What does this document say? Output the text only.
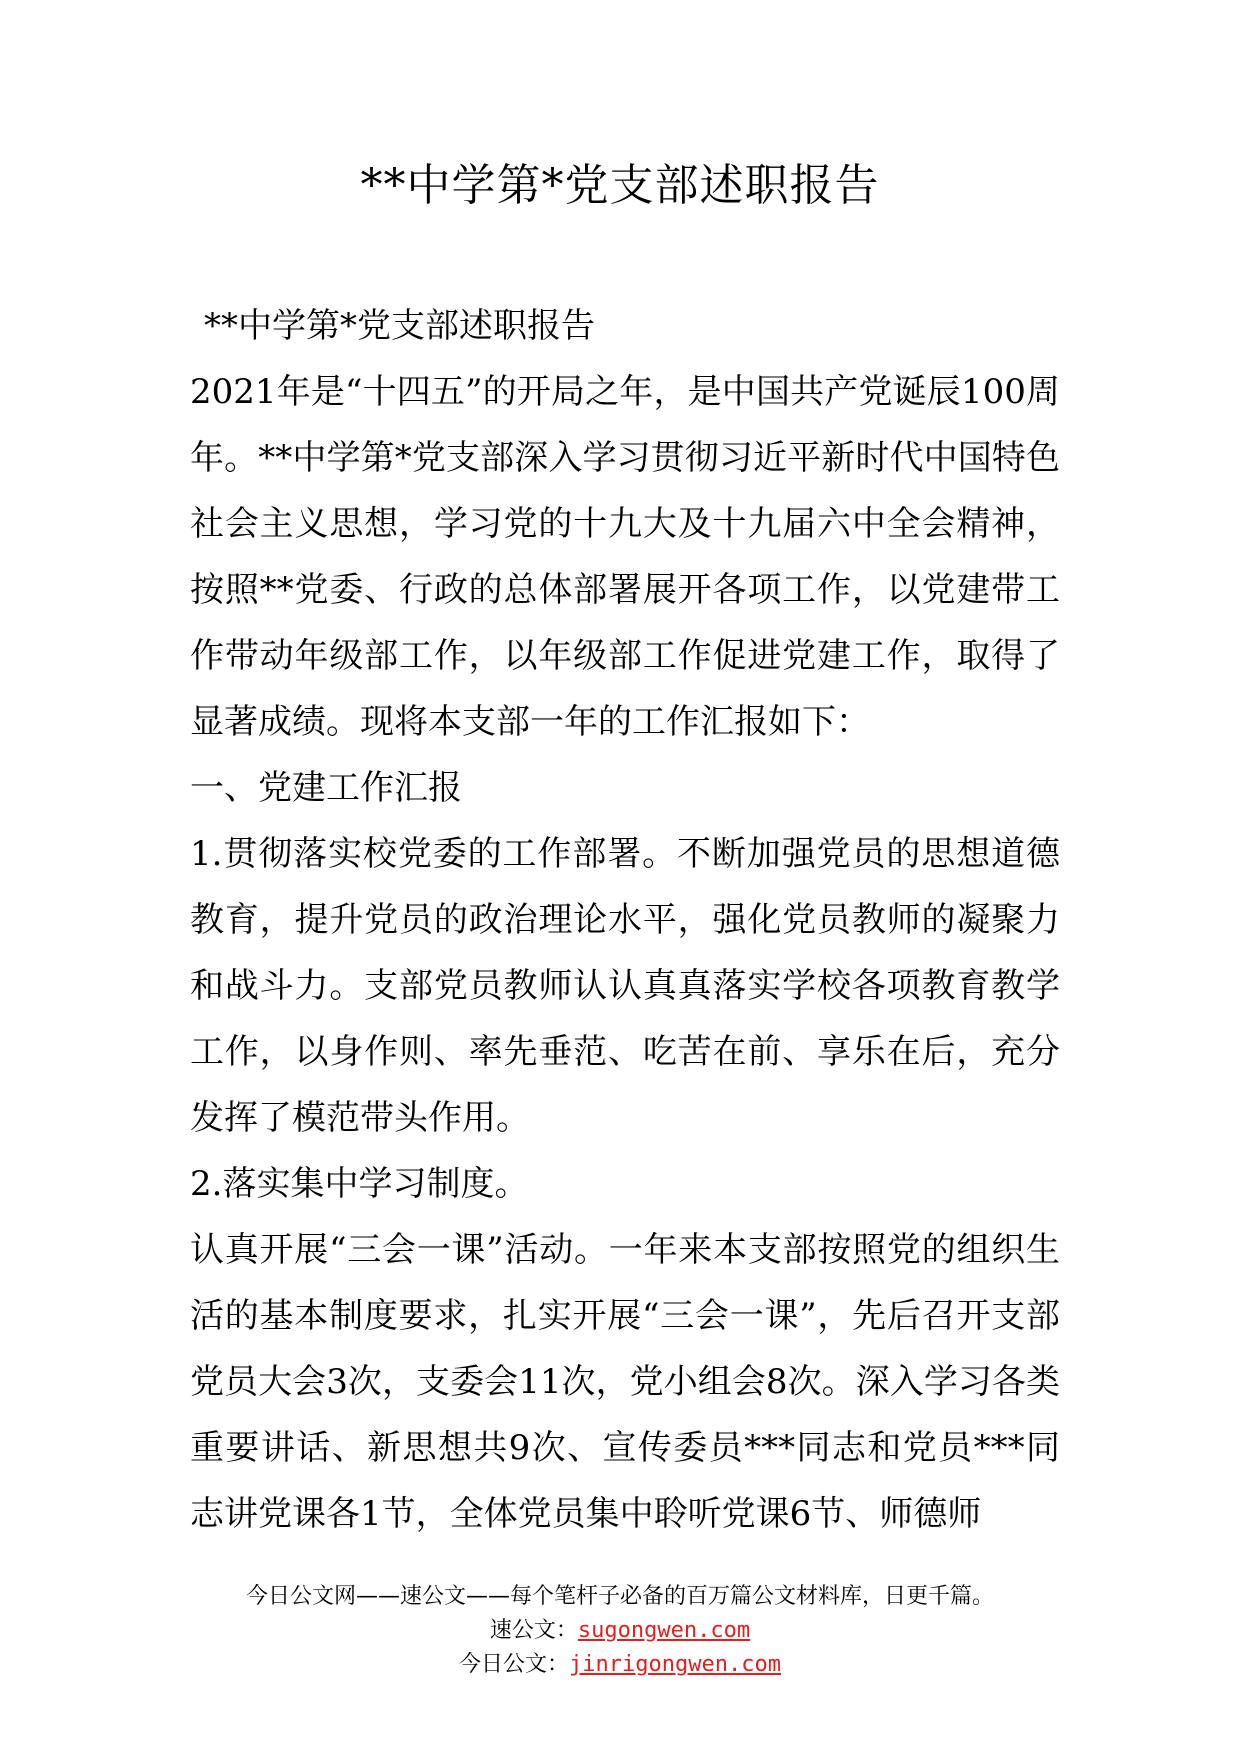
**中学第*党支部述职报告

**中学第*党支部述职报告

2021年是“十四五”的开局之年，是中国共产党诞辰100周年。**中学第*党支部深入学习贯彻习近平新时代中国特色社会主义思想，学习党的十九大及十九届六中全会精神，按照**党委、行政的总体部署展开各项工作，以党建带工作带动年级部工作，以年级部工作促进党建工作，取得了显著成绩。现将本支部一年的工作汇报如下：

一、党建工作汇报

1.贯彻落实校党委的工作部署。不断加强党员的思想道德教育，提升党员的政治理论水平，强化党员教师的凝聚力和战斗力。支部党员教师认认真真落实学校各项教育教学工作，以身作则、率先垂范、吃苦在前、享乐在后，充分发挥了模范带头作用。

2.落实集中学习制度。

认真开展“三会一课”活动。一年来本支部按照党的组织生活的基本制度要求，扎实开展“三会一课”，先后召开支部党员大会3次，支委会11次，党小组会8次。深入学习各类重要讲话、新思想共9次、宣传委员***同志和党员***同志讲党课各1节，全体党员集中聆听党课6节、师德师

今日公文网——速公文——每个笔杆子必备的百万篇公文材料库，日更千篇。
速公文：sugongwen.com
今日公文：jinrigongwen.com
